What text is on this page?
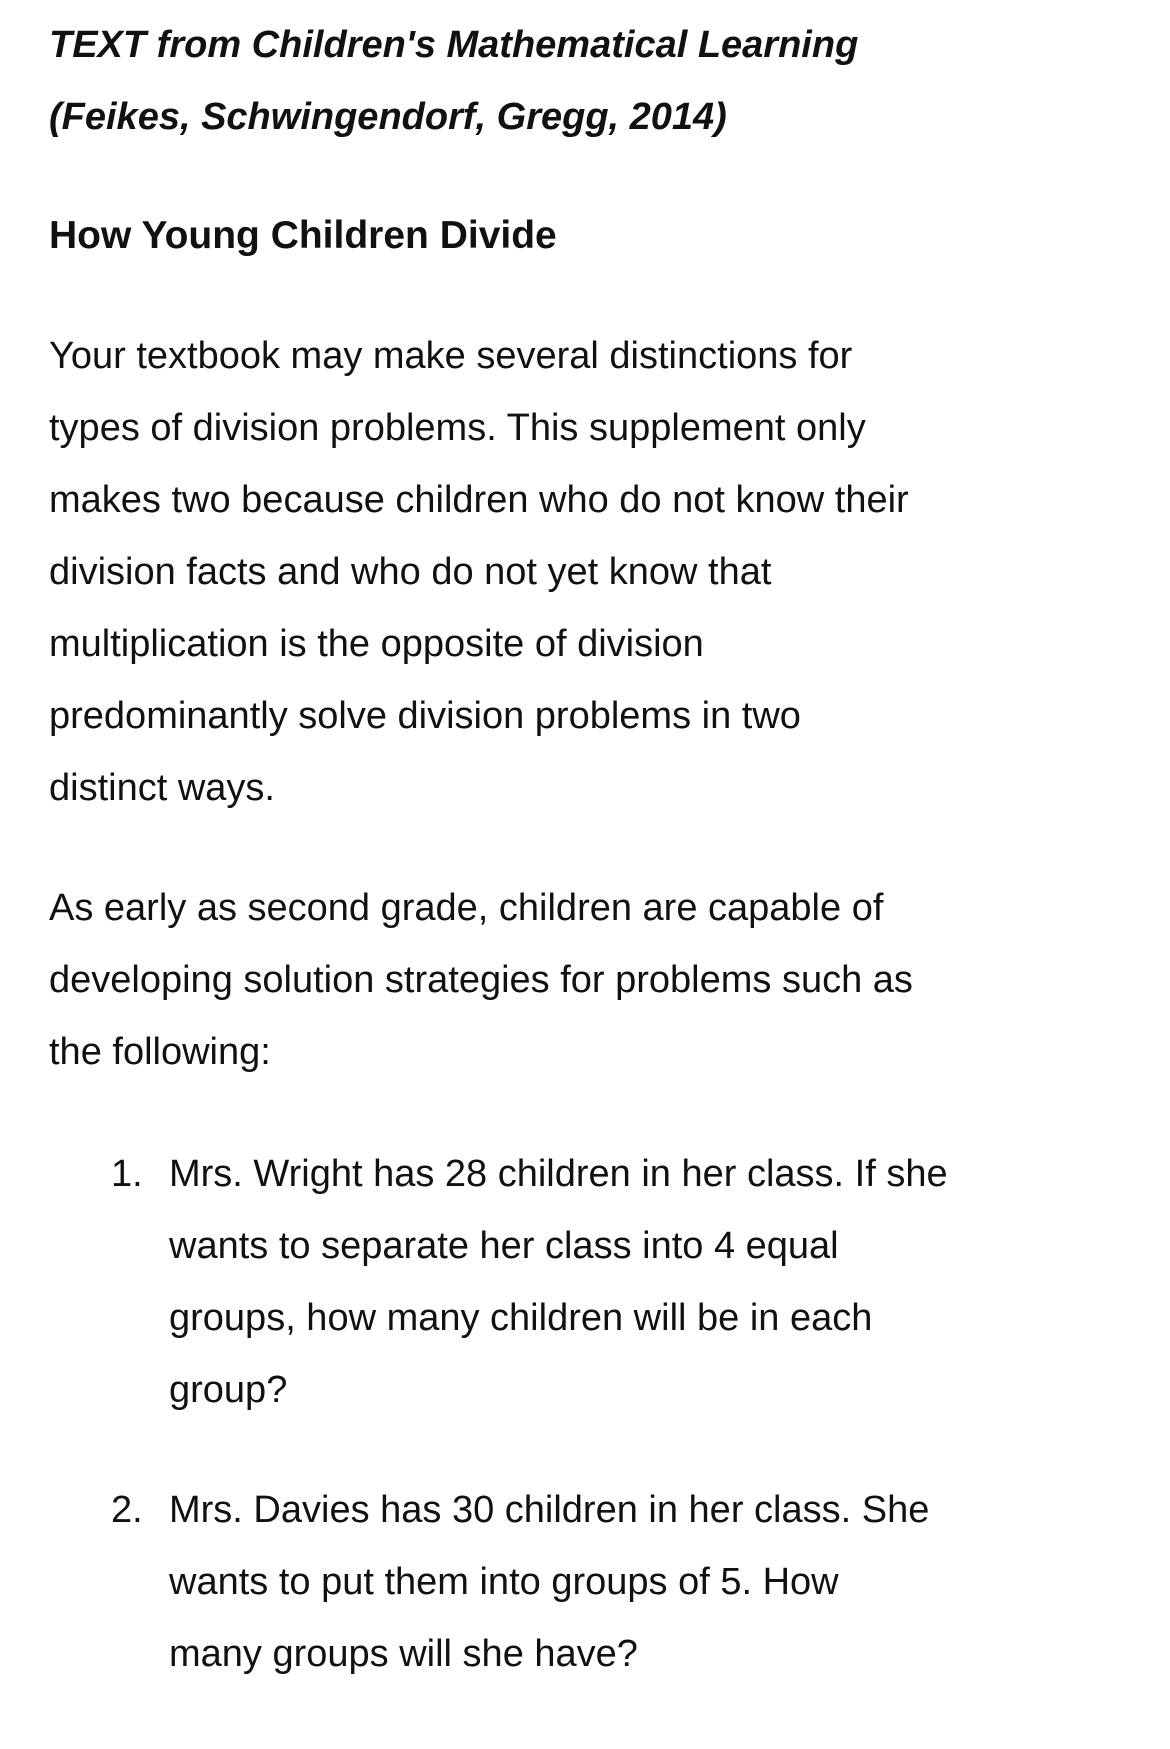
TEXT from Children's Mathematical Learning
(Feikes, Schwingendorf, Gregg, 2014)
How Young Children Divide
Your textbook may make several distinctions for
types of division problems. This supplement only
makes two because children who do not know their
division facts and who do not yet know that
multiplication is the opposite of division
predominantly solve division problems in two
distinct ways.
As early as second grade, children are capable of
developing solution strategies for problems such as
the following:
1. Mrs. Wright has 28 children in her class. If she
wants to separate her class into 4 equal
groups, how many children will be in each
group?
2. Mrs. Davies has 30 children in her class. She
wants to put them into groups of 5. How
many groups will she have?
